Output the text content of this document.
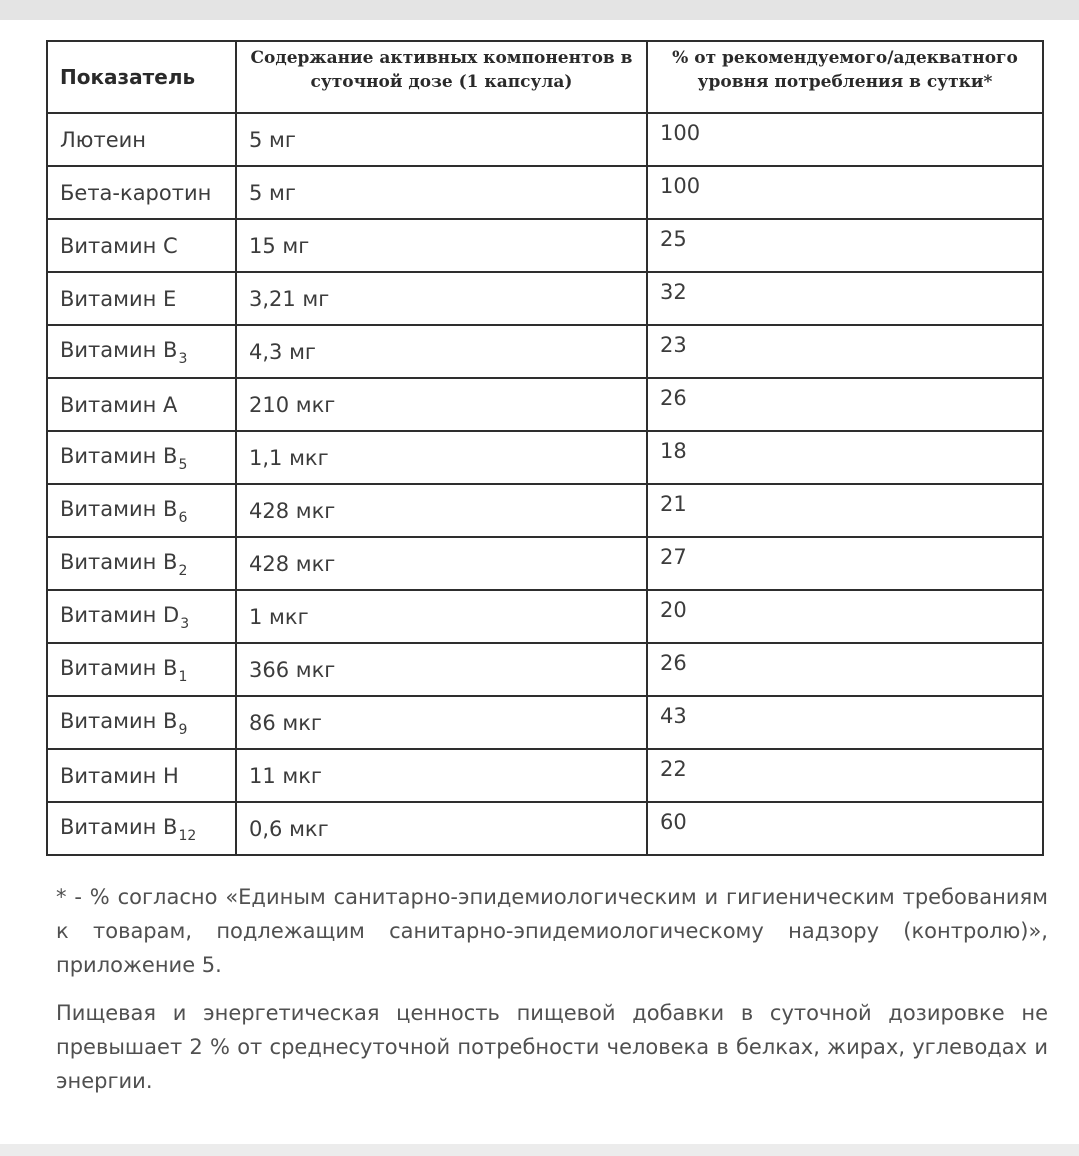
Показатель	Содержание активных компонентов в суточной дозе (1 капсула)	% от рекомендуемого/адекватного уровня потребления в сутки*
Лютеин	5 мг	100
Бета-каротин	5 мг	100
Витамин С	15 мг	25
Витамин Е	3,21 мг	32
Витамин $В_3$	4,3 мг	23
Витамин А	210 мкг	26
Витамин $В_5$	1,1 мкг	18
Витамин $В_6$	428 мкг	21
Витамин $В_2$	428 мкг	27
Витамин $D_3$	1 мкг	20
Витамин $В_1$	366 мкг	26
Витамин $В_9$	86 мкг	43
Витамин Н	11 мкг	22
Витамин $В_{12}$	0,6 мкг	60

* - % согласно «Единым санитарно-эпидемиологическим и гигиеническим требованиям к товарам, подлежащим санитарно-эпидемиологическому надзору (контролю)», приложение 5.

Пищевая и энергетическая ценность пищевой добавки в суточной дозировке не превышает 2 % от среднесуточной потребности человека в белках, жирах, углеводах и энергии.
